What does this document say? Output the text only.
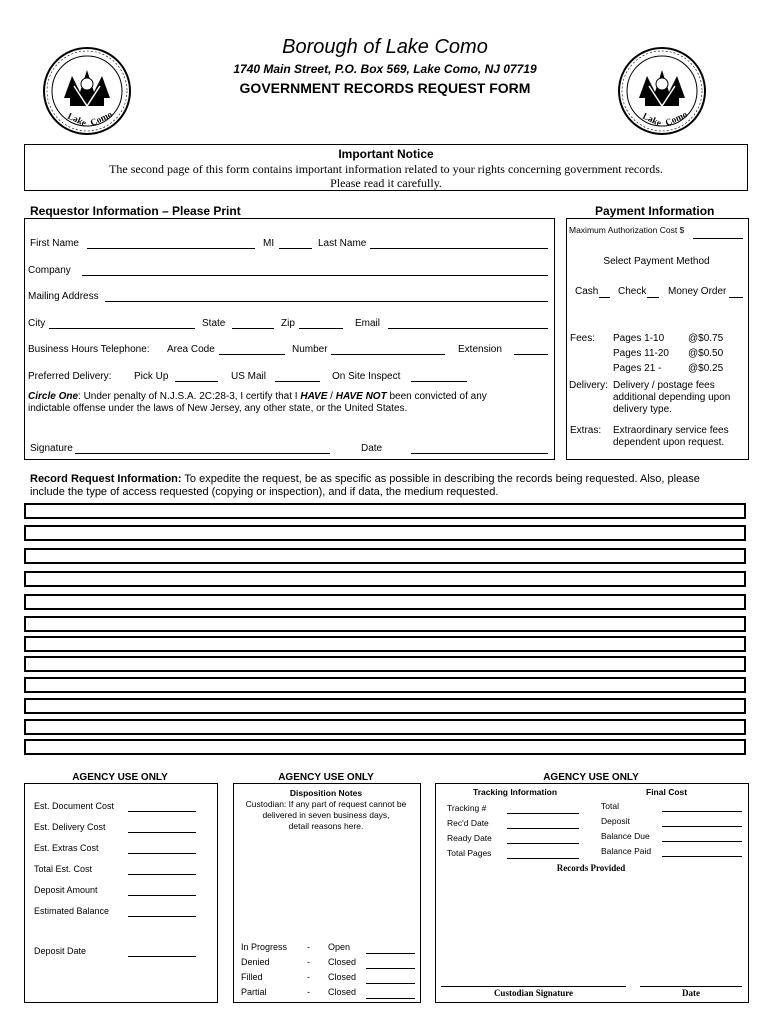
Lake Como	Lake Como
Borough of Lake Como
1740 Main Street, P.O. Box 569, Lake Como, NJ 07719
GOVERNMENT RECORDS REQUEST FORM
Important Notice
The second page of this form contains important information related to your rights concerning government records.
Please read it carefully.
Requestor Information – Please Print	Payment Information
First Name	MI	Last Name
Company
Mailing Address
City	State	Zip	Email
Business Hours Telephone: Area Code	Number	Extension
Preferred Delivery: Pick Up	US Mail	On Site Inspect
Circle One: Under penalty of N.J.S.A. 2C:28-3, I certify that I HAVE / HAVE NOT been convicted of any
indictable offense under the laws of New Jersey, any other state, or the United States.
Signature	Date
Maximum Authorization Cost $
Select Payment Method
Cash Check Money Order
Fees: Pages 1-10 @$0.75
Pages 11-20 @$0.50
Pages 21 -	@$0.25
Delivery: Delivery / postage fees
additional depending upon
delivery type.
Extras: Extraordinary service fees
dependent upon request.
Record Request Information: To expedite the request, be as specific as possible in describing the records being requested. Also, please
include the type of access requested (copying or inspection), and if data, the medium requested.
AGENCY USE ONLY
Est. Document Cost
Est. Delivery Cost
Est. Extras Cost
Total Est. Cost
Deposit Amount
Estimated Balance
Deposit Date
AGENCY USE ONLY
Disposition Notes
Custodian: If any part of request cannot be
delivered in seven business days,
detail reasons here.
In Progress - Open
Denied	- Closed
Filled	- Closed
Partial	- Closed
AGENCY USE ONLY
Tracking Information	Final Cost
Tracking #
Rec'd Date
Ready Date
Total Pages
Total
Deposit
Balance Due
Balance Paid
Records Provided
Custodian Signature	Date
